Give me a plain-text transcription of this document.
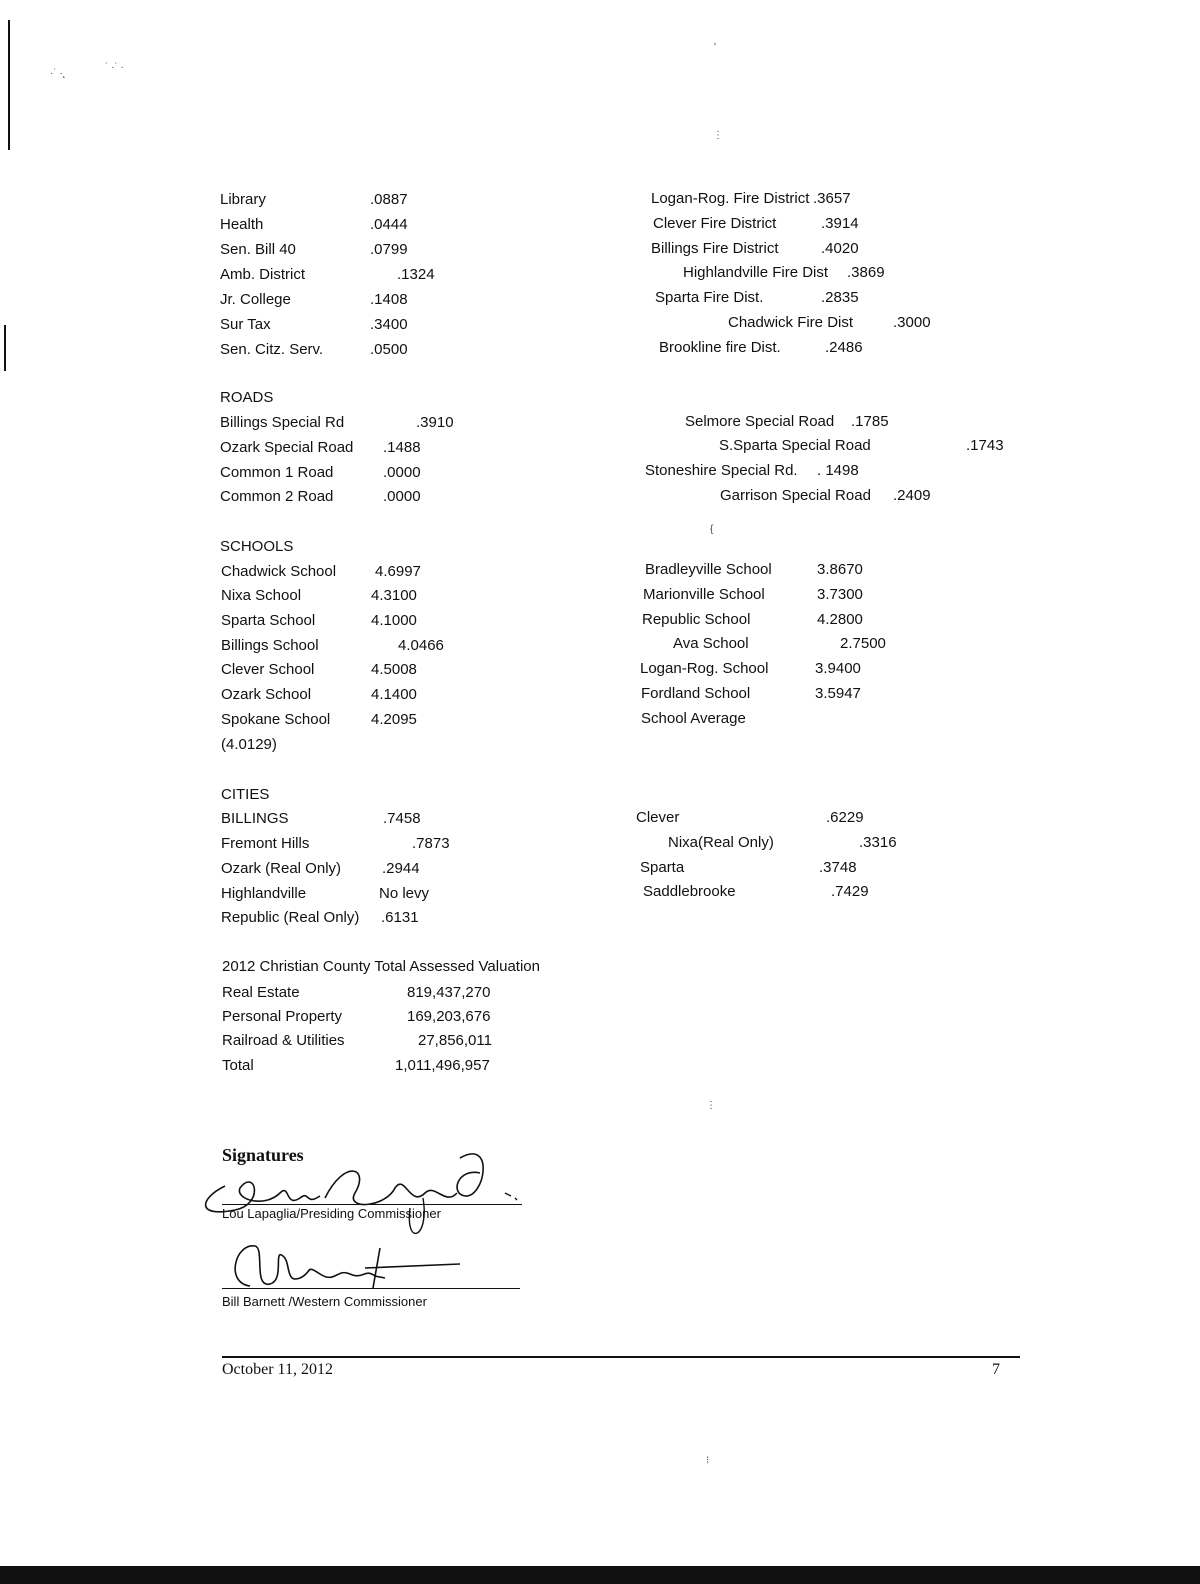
Library	.0887
Health	.0444
Sen. Bill 40	.0799
Amb. District	.1324
Jr. College	.1408
Sur Tax	.3400
Sen. Citz. Serv.	.0500
Logan-Rog. Fire District .3657
Clever Fire District	.3914
Billings Fire District	.4020
Highlandville Fire Dist .3869
Sparta Fire Dist.	.2835
Chadwick Fire Dist	.3000
Brookline fire Dist.	.2486
ROADS
Billings Special Rd	.3910
Ozark Special Road .1488
Common 1 Road	.0000
Common 2 Road	.0000
Selmore Special Road .1785
S.Sparta Special Road	.1743
Stoneshire Special Rd. . 1498
Garrison Special Road .2409
SCHOOLS
Chadwick School	4.6997
Nixa School	4.3100
Sparta School	4.1000
Billings School	4.0466
Clever School	4.5008
Ozark School	4.1400
Spokane School	4.2095
(4.0129)
Bradleyville School	3.8670
Marionville School	3.7300
Republic School	4.2800
Ava School	2.7500
Logan-Rog. School	3.9400
Fordland School	3.5947
School Average
CITIES
BILLINGS	.7458
Fremont Hills	.7873
Ozark (Real Only)	.2944
Highlandville	No levy
Republic (Real Only) .6131
Clever	.6229
Nixa(Real Only)	.3316
Sparta	.3748
Saddlebrooke	.7429
2012 Christian County Total Assessed Valuation
Real Estate	819,437,270
Personal Property	169,203,676
Railroad & Utilities	27,856,011
Total	1,011,496,957
Signatures
Lou Lapaglia/Presiding Commissioner
Bill Barnett /Western Commissioner
October 11, 2012	7
·˙ ·˛
˙ ·˙ ·
'
⋮
{
⋮
⁝
